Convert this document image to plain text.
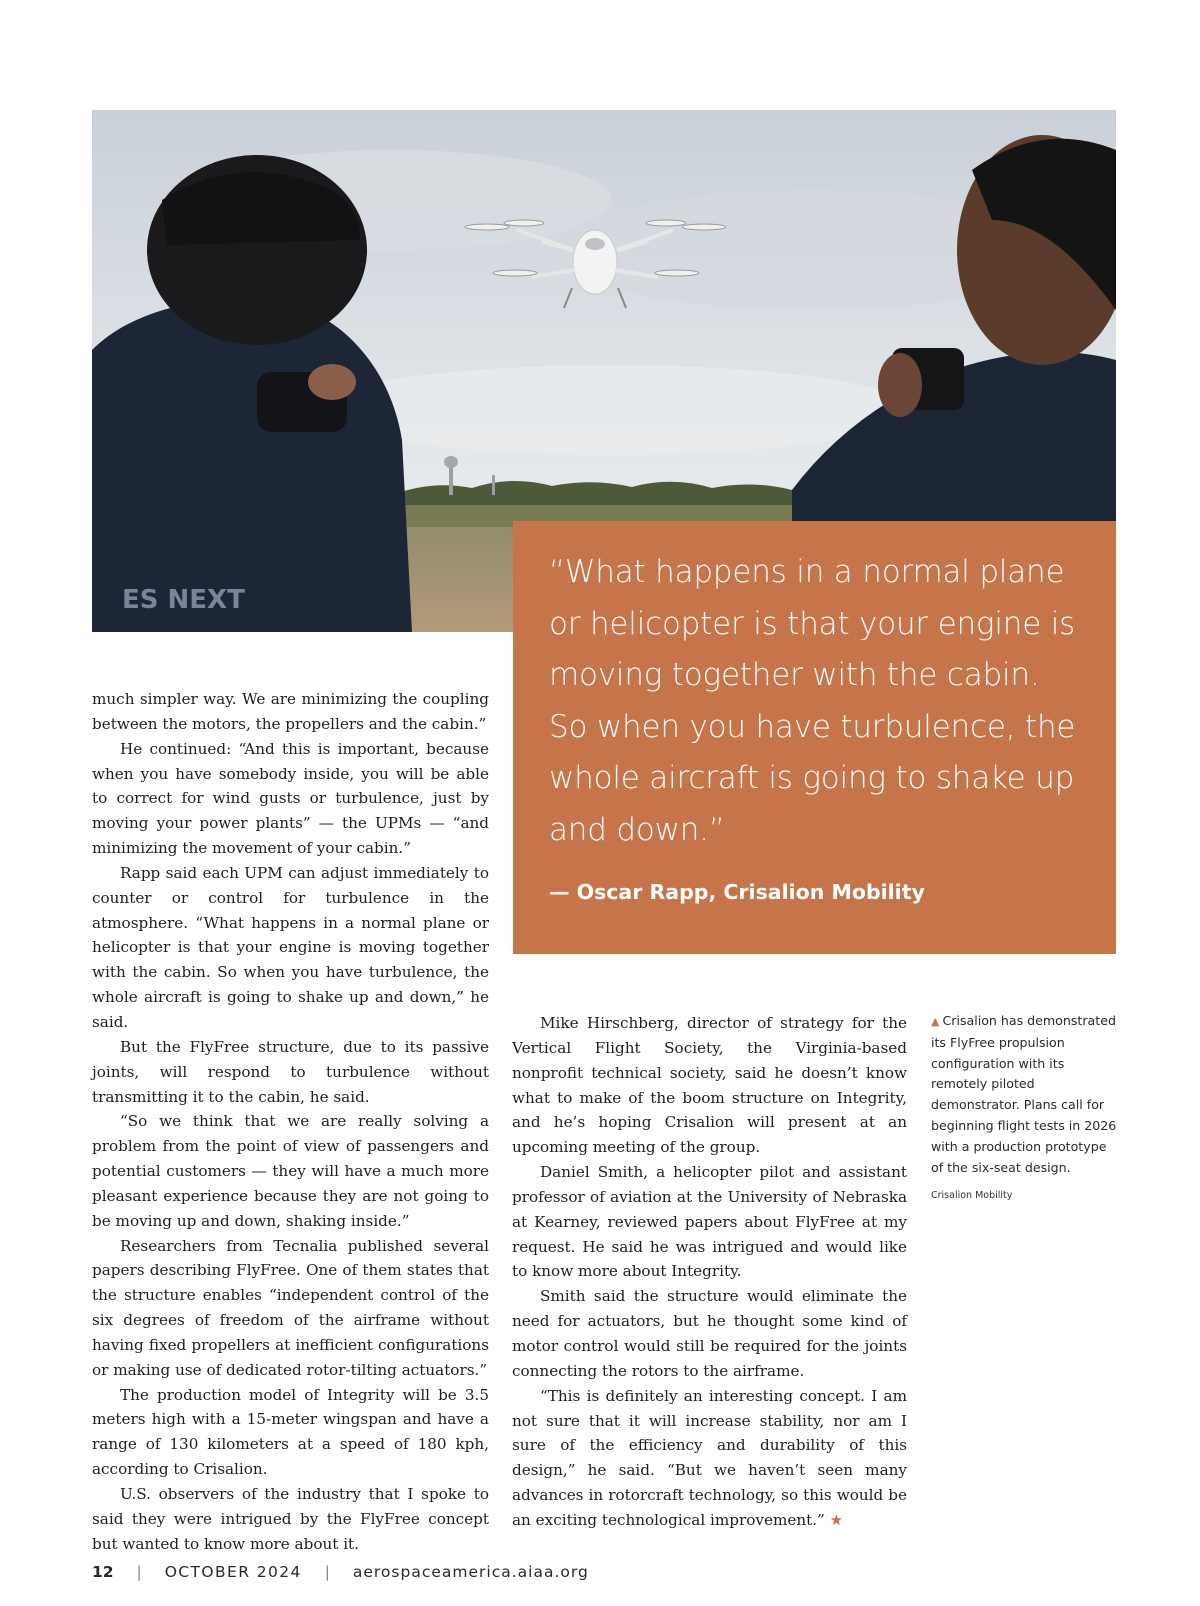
ES NEXT

“What happens in a normal plane or helicopter is that your engine is moving together with the cabin. So when you have turbulence, the whole aircraft is going to shake up and down.”

— Oscar Rapp, Crisalion Mobility

much simpler way. We are minimizing the coupling between the motors, the propellers and the cabin.”

He continued: “And this is important, because when you have somebody inside, you will be able to correct for wind gusts or turbulence, just by moving your power plants” — the UPMs — “and minimizing the movement of your cabin.”

Rapp said each UPM can adjust immediately to counter or control for turbulence in the atmosphere. “What happens in a normal plane or helicopter is that your engine is moving together with the cabin. So when you have turbulence, the whole aircraft is going to shake up and down,” he said.

But the FlyFree structure, due to its passive joints, will respond to turbulence without transmitting it to the cabin, he said.

“So we think that we are really solving a problem from the point of view of passengers and potential customers — they will have a much more pleasant experience because they are not going to be moving up and down, shaking inside.”

Researchers from Tecnalia published several papers describing FlyFree. One of them states that the structure enables “independent control of the six degrees of freedom of the airframe without having fixed propellers at inefficient configurations or making use of dedicated rotor-tilting actuators.”

The production model of Integrity will be 3.5 meters high with a 15-meter wingspan and have a range of 130 kilometers at a speed of 180 kph, according to Crisalion.

U.S. observers of the industry that I spoke to said they were intrigued by the FlyFree concept but wanted to know more about it.

Mike Hirschberg, director of strategy for the Vertical Flight Society, the Virginia-based nonprofit technical society, said he doesn’t know what to make of the boom structure on Integrity, and he’s hoping Crisalion will present at an upcoming meeting of the group.

Daniel Smith, a helicopter pilot and assistant professor of aviation at the University of Nebraska at Kearney, reviewed papers about FlyFree at my request. He said he was intrigued and would like to know more about Integrity.

Smith said the structure would eliminate the need for actuators, but he thought some kind of motor control would still be required for the joints connecting the rotors to the airframe.

“This is definitely an interesting concept. I am not sure that it will increase stability, nor am I sure of the efficiency and durability of this design,” he said. “But we haven’t seen many advances in rotorcraft technology, so this would be an exciting technological improvement.” ★

▲ Crisalion has demonstrated its FlyFree propulsion configuration with its remotely piloted demonstrator. Plans call for beginning flight tests in 2026 with a production prototype of the six-seat design.
Crisalion Mobility
12 | OCTOBER 2024 | aerospaceamerica.aiaa.org
